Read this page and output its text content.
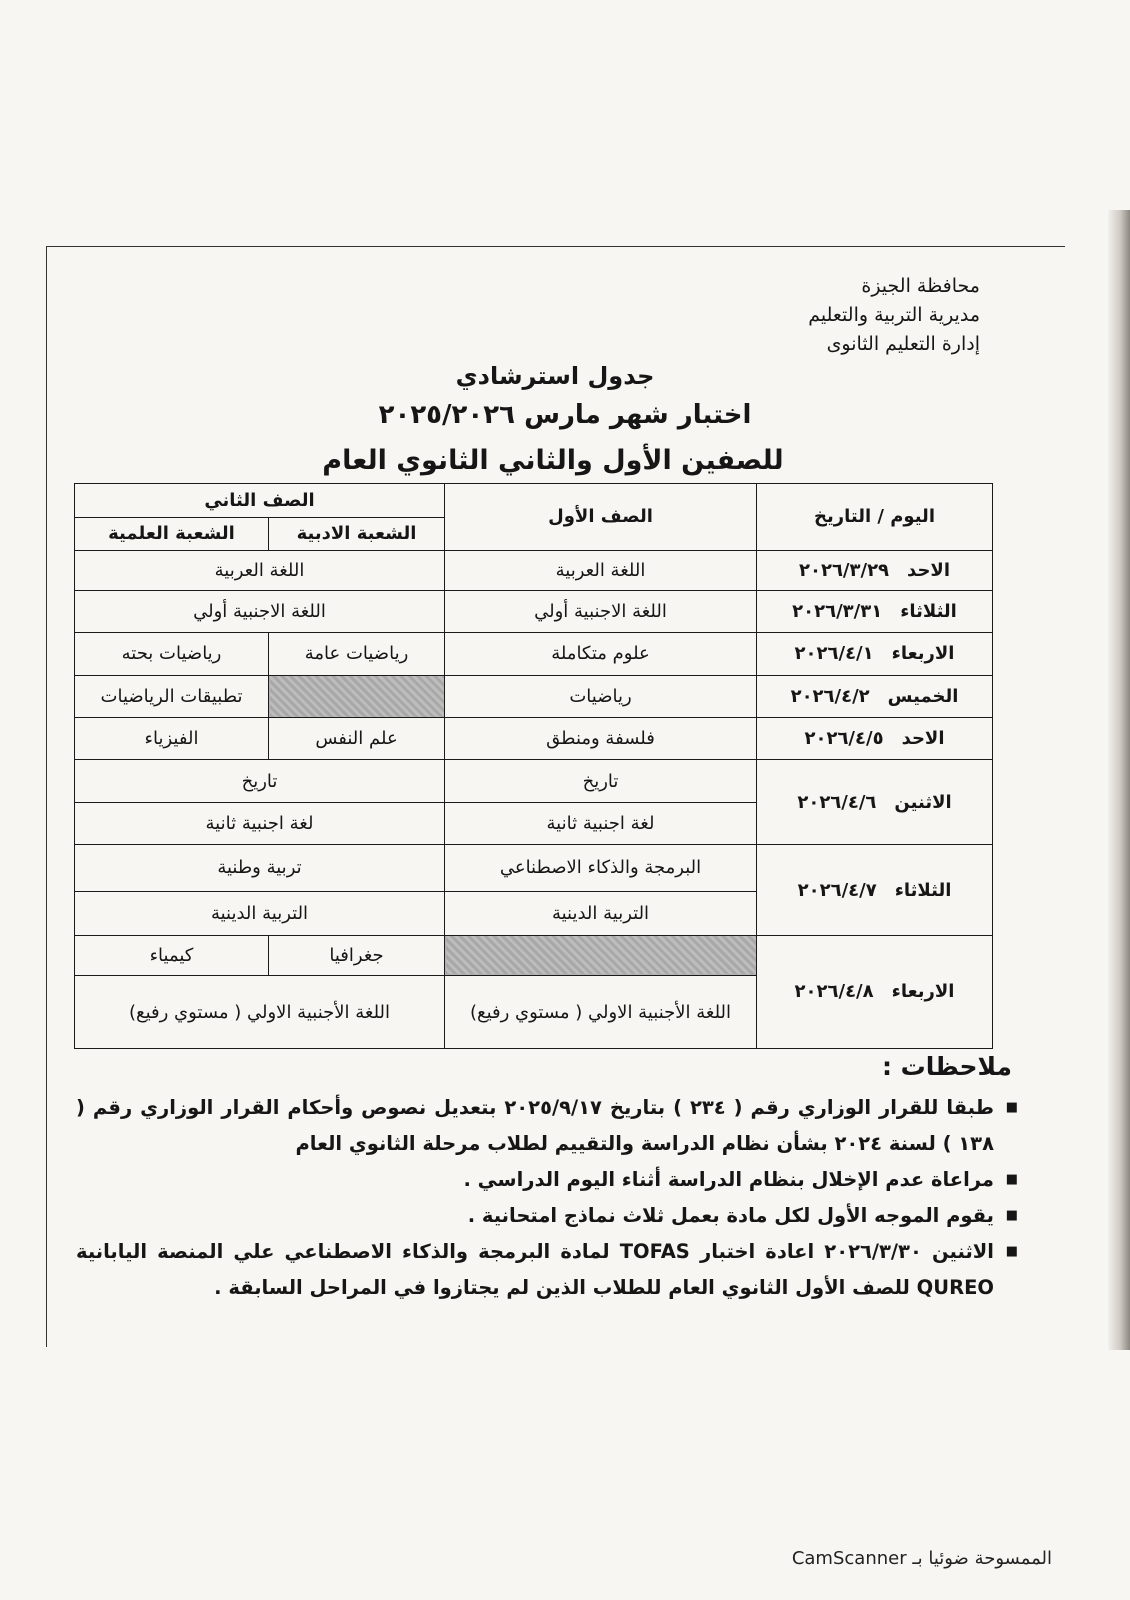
محافظة الجيزة
مديرية التربية والتعليم
إدارة التعليم الثانوى
جدول استرشادي
اختبار شهر مارس ٢٠٢٥/٢٠٢٦
للصفين الأول والثاني الثانوي العام
اليوم / التاريخ	الصف الأول	الصف الثاني	
		الشعبة الادبية	الشعبة العلمية
الاحد٢٠٢٦/٣/٢٩	اللغة العربية	اللغة العربية	
الثلاثاء٢٠٢٦/٣/٣١	اللغة الاجنبية أولي	اللغة الاجنبية أولي	
الاربعاء٢٠٢٦/٤/١	علوم متكاملة	رياضيات عامة	رياضيات بحته
الخميس٢٠٢٦/٤/٢	رياضيات		تطبيقات الرياضيات
الاحد٢٠٢٦/٤/٥	فلسفة ومنطق	علم النفس	الفيزياء
الاثنين٢٠٢٦/٤/٦	تاريخ	تاريخ	
	لغة اجنبية ثانية	لغة اجنبية ثانية	
الثلاثاء٢٠٢٦/٤/٧	البرمجة والذكاء الاصطناعي	تربية وطنية	
	التربية الدينية	التربية الدينية	
الاربعاء٢٠٢٦/٤/٨		جغرافيا	كيمياء
	اللغة الأجنبية الاولي ( مستوي رفيع)	اللغة الأجنبية الاولي ( مستوي رفيع)	
ملاحظات :
■
طبقا للقرار الوزاري رقم ( ٢٣٤ ) بتاريخ ٢٠٢٥/٩/١٧ بتعديل نصوص وأحكام القرار الوزاري رقم ( ١٣٨ ) لسنة ٢٠٢٤ بشأن نظام الدراسة والتقييم لطلاب مرحلة الثانوي العام
■
مراعاة عدم الإخلال بنظام الدراسة أثناء اليوم الدراسي .
■
يقوم الموجه الأول لكل مادة بعمل ثلاث نماذج امتحانية .
■
الاثنين ٢٠٢٦/٣/٣٠ اعادة اختبار TOFAS لمادة البرمجة والذكاء الاصطناعي علي المنصة اليابانية QUREO للصف الأول الثانوي العام للطلاب الذين لم يجتازوا في المراحل السابقة .
الممسوحة ضوئيا بـ CamScanner
